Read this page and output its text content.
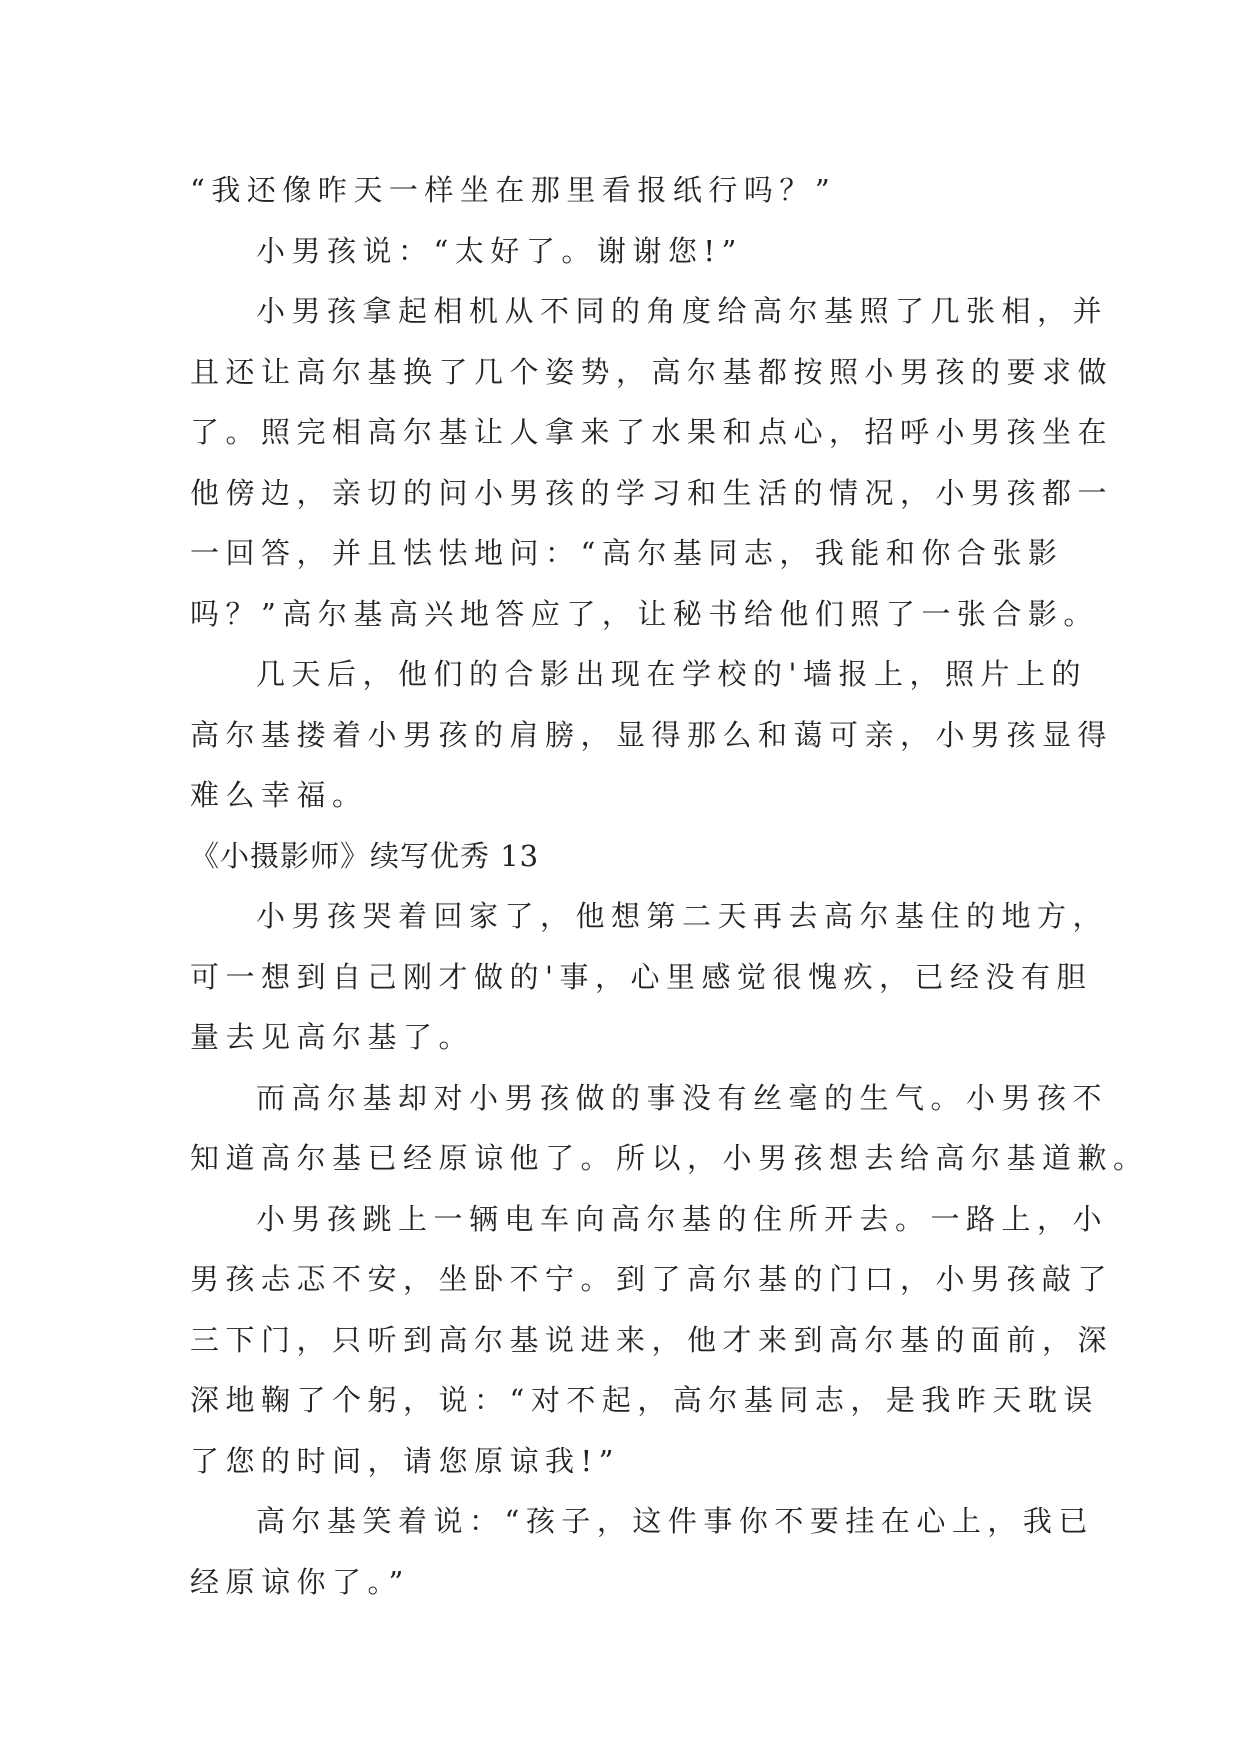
“我还像昨天一样坐在那里看报纸行吗？”
小男孩说：“太好了。谢谢您!”
小男孩拿起相机从不同的角度给高尔基照了几张相，并
且还让高尔基换了几个姿势，高尔基都按照小男孩的要求做
了。照完相高尔基让人拿来了水果和点心，招呼小男孩坐在
他傍边，亲切的问小男孩的学习和生活的情况，小男孩都一
一回答，并且怯怯地问：“高尔基同志，我能和你合张影
吗？”高尔基高兴地答应了，让秘书给他们照了一张合影。
几天后，他们的合影出现在学校的'墙报上，照片上的
高尔基搂着小男孩的肩膀，显得那么和蔼可亲，小男孩显得
难么幸福。
《小摄影师》续写优秀 13
小男孩哭着回家了，他想第二天再去高尔基住的地方，
可一想到自己刚才做的'事，心里感觉很愧疚，已经没有胆
量去见高尔基了。
而高尔基却对小男孩做的事没有丝毫的生气。小男孩不
知道高尔基已经原谅他了。所以，小男孩想去给高尔基道歉。
小男孩跳上一辆电车向高尔基的住所开去。一路上，小
男孩忐忑不安，坐卧不宁。到了高尔基的门口，小男孩敲了
三下门，只听到高尔基说进来，他才来到高尔基的面前，深
深地鞠了个躬，说：“对不起，高尔基同志，是我昨天耽误
了您的时间，请您原谅我!”
高尔基笑着说：“孩子，这件事你不要挂在心上，我已
经原谅你了。”
